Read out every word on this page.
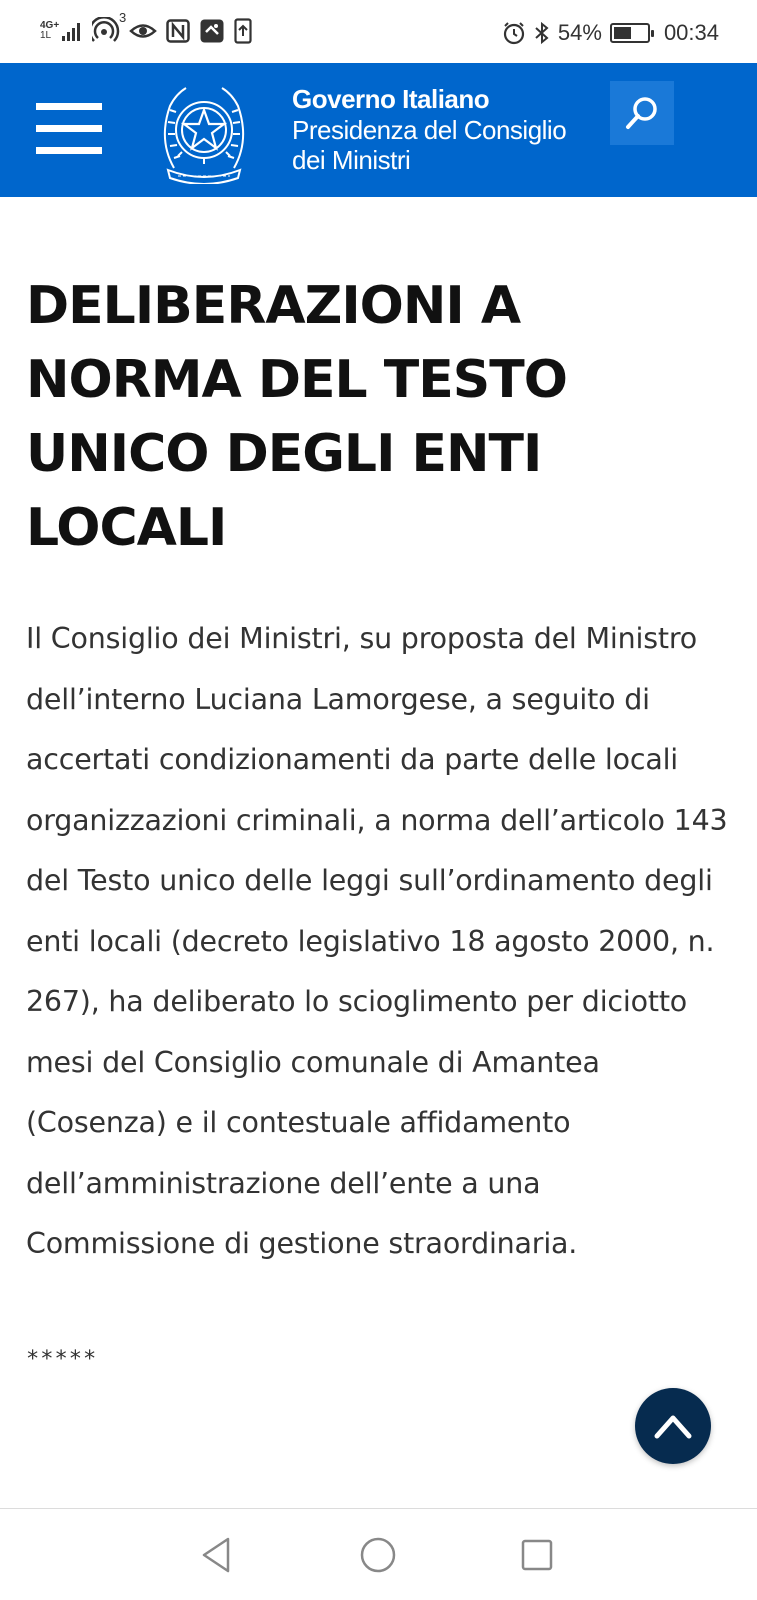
4G+
1L
3
54%	00:34
Governo Italiano
Presidenza del Consiglio
dei Ministri
DELIBERAZIONI A NORMA DEL TESTO UNICO DEGLI ENTI LOCALI

Il Consiglio dei Ministri, su proposta del Ministro dell’interno Luciana Lamorgese, a seguito di accertati condizionamenti da parte delle locali organizzazioni criminali, a norma dell’articolo 143 del Testo unico delle leggi sull’ordinamento degli enti locali (decreto legislativo 18 agosto 2000, n. 267), ha deliberato lo scioglimento per diciotto mesi del Consiglio comunale di Amantea (Cosenza) e il contestuale affidamento dell’amministrazione dell’ente a una Commissione di gestione straordinaria.

*****
